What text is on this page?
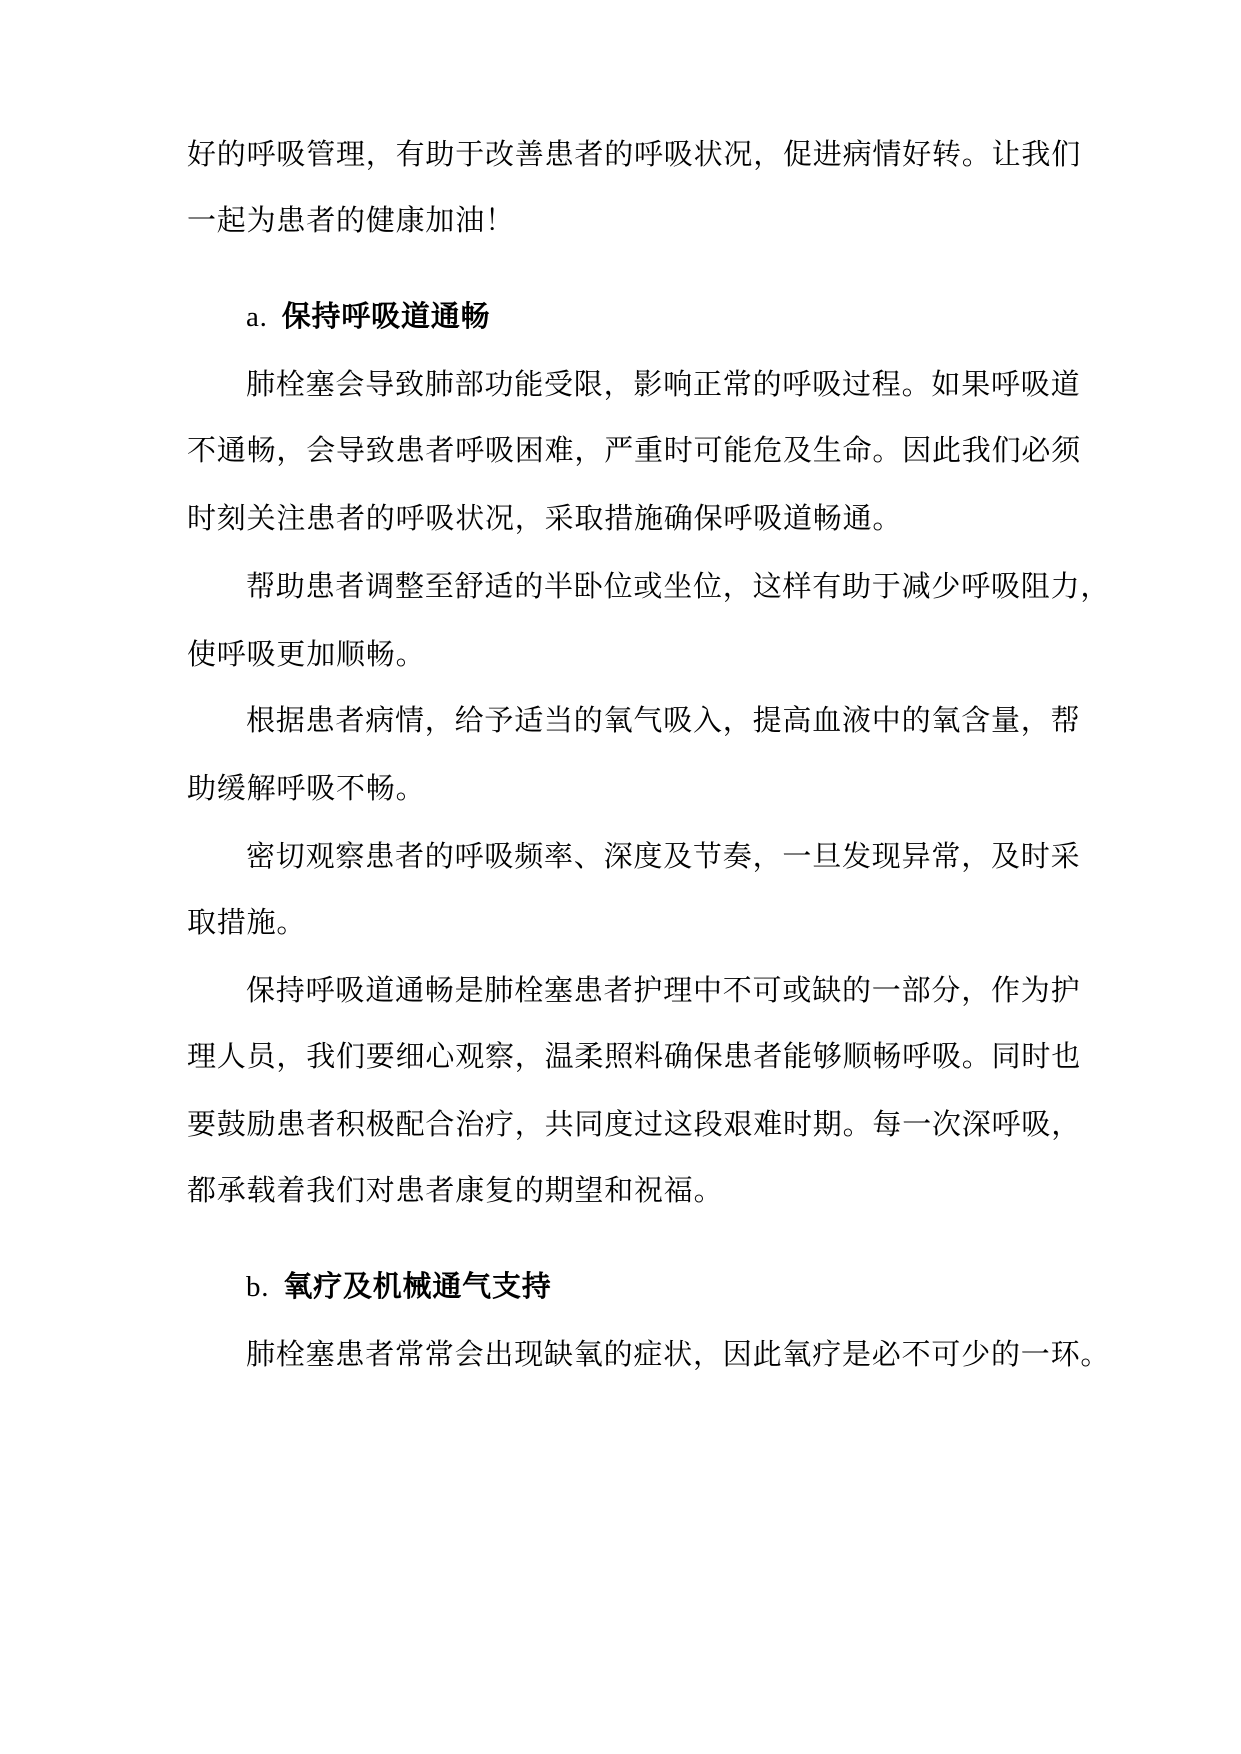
好的呼吸管理，有助于改善患者的呼吸状况，促进病情好转。让我们
一起为患者的健康加油！
a. 保持呼吸道通畅
肺栓塞会导致肺部功能受限，影响正常的呼吸过程。如果呼吸道
不通畅，会导致患者呼吸困难，严重时可能危及生命。因此我们必须
时刻关注患者的呼吸状况，采取措施确保呼吸道畅通。
帮助患者调整至舒适的半卧位或坐位，这样有助于减少呼吸阻力，
使呼吸更加顺畅。
根据患者病情，给予适当的氧气吸入，提高血液中的氧含量，帮
助缓解呼吸不畅。
密切观察患者的呼吸频率、深度及节奏，一旦发现异常，及时采
取措施。
保持呼吸道通畅是肺栓塞患者护理中不可或缺的一部分，作为护
理人员，我们要细心观察，温柔照料确保患者能够顺畅呼吸。同时也
要鼓励患者积极配合治疗，共同度过这段艰难时期。每一次深呼吸，
都承载着我们对患者康复的期望和祝福。
b. 氧疗及机械通气支持
肺栓塞患者常常会出现缺氧的症状，因此氧疗是必不可少的一环。
